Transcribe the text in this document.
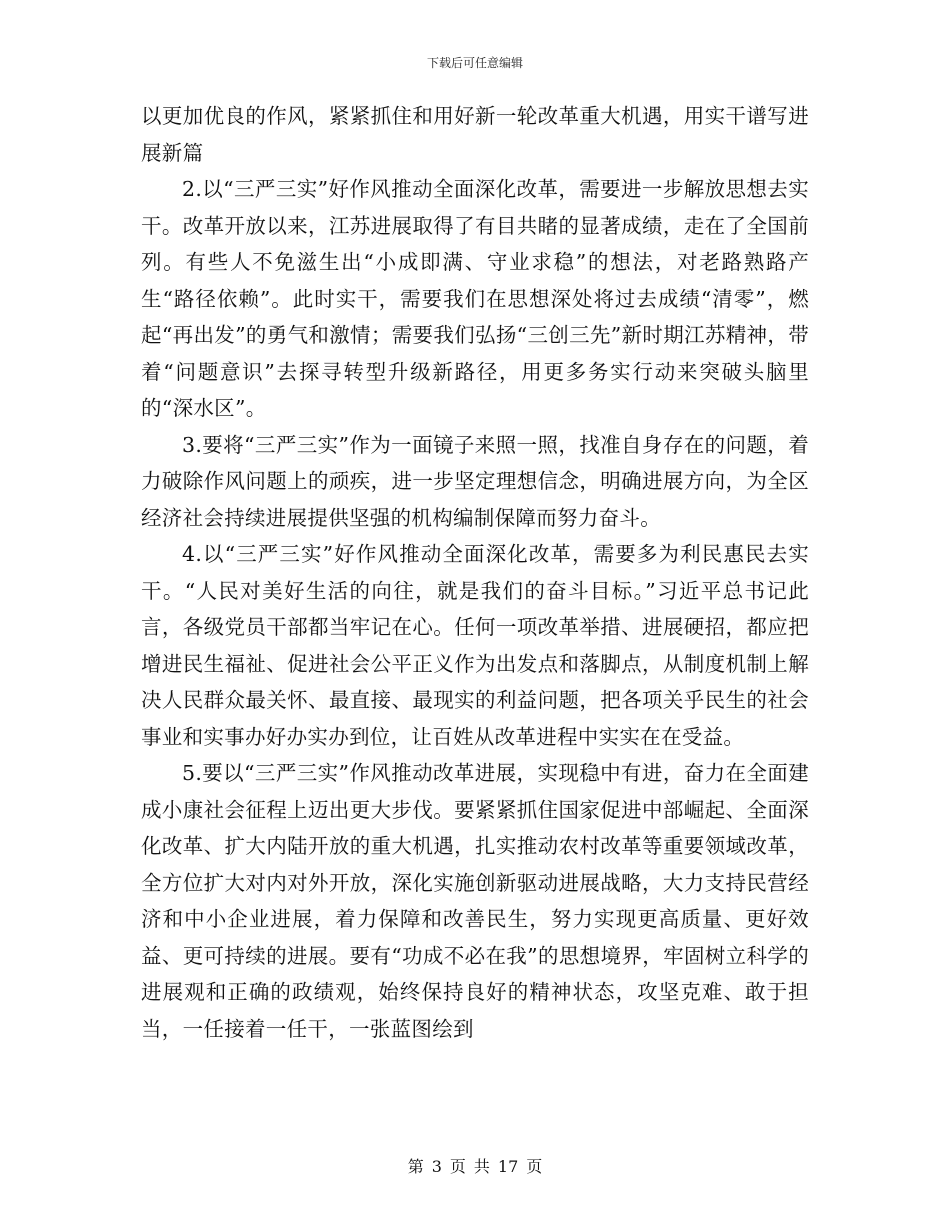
下载后可任意编辑

以更加优良的作风，紧紧抓住和用好新一轮改革重大机遇，用实干谱写进展新篇

2.以“三严三实”好作风推动全面深化改革，需要进一步解放思想去实干。改革开放以来，江苏进展取得了有目共睹的显著成绩，走在了全国前列。有些人不免滋生出“小成即满、守业求稳”的想法，对老路熟路产生“路径依赖”。此时实干，需要我们在思想深处将过去成绩“清零”，燃起“再出发”的勇气和激情；需要我们弘扬“三创三先”新时期江苏精神，带着“问题意识”去探寻转型升级新路径，用更多务实行动来突破头脑里的“深水区”。

3.要将“三严三实”作为一面镜子来照一照，找准自身存在的问题，着力破除作风问题上的顽疾，进一步坚定理想信念，明确进展方向，为全区经济社会持续进展提供坚强的机构编制保障而努力奋斗。

4.以“三严三实”好作风推动全面深化改革，需要多为利民惠民去实干。“人民对美好生活的向往，就是我们的奋斗目标。”习近平总书记此言，各级党员干部都当牢记在心。任何一项改革举措、进展硬招，都应把增进民生福祉、促进社会公平正义作为出发点和落脚点，从制度机制上解决人民群众最关怀、最直接、最现实的利益问题，把各项关乎民生的社会事业和实事办好办实办到位，让百姓从改革进程中实实在在受益。

5.要以“三严三实”作风推动改革进展，实现稳中有进，奋力在全面建成小康社会征程上迈出更大步伐。要紧紧抓住国家促进中部崛起、全面深化改革、扩大内陆开放的重大机遇，扎实推动农村改革等重要领域改革，全方位扩大对内对外开放，深化实施创新驱动进展战略，大力支持民营经济和中小企业进展，着力保障和改善民生，努力实现更高质量、更好效益、更可持续的进展。要有“功成不必在我”的思想境界，牢固树立科学的进展观和正确的政绩观，始终保持良好的精神状态，攻坚克难、敢于担当，一任接着一任干，一张蓝图绘到

第 3 页 共 17 页
